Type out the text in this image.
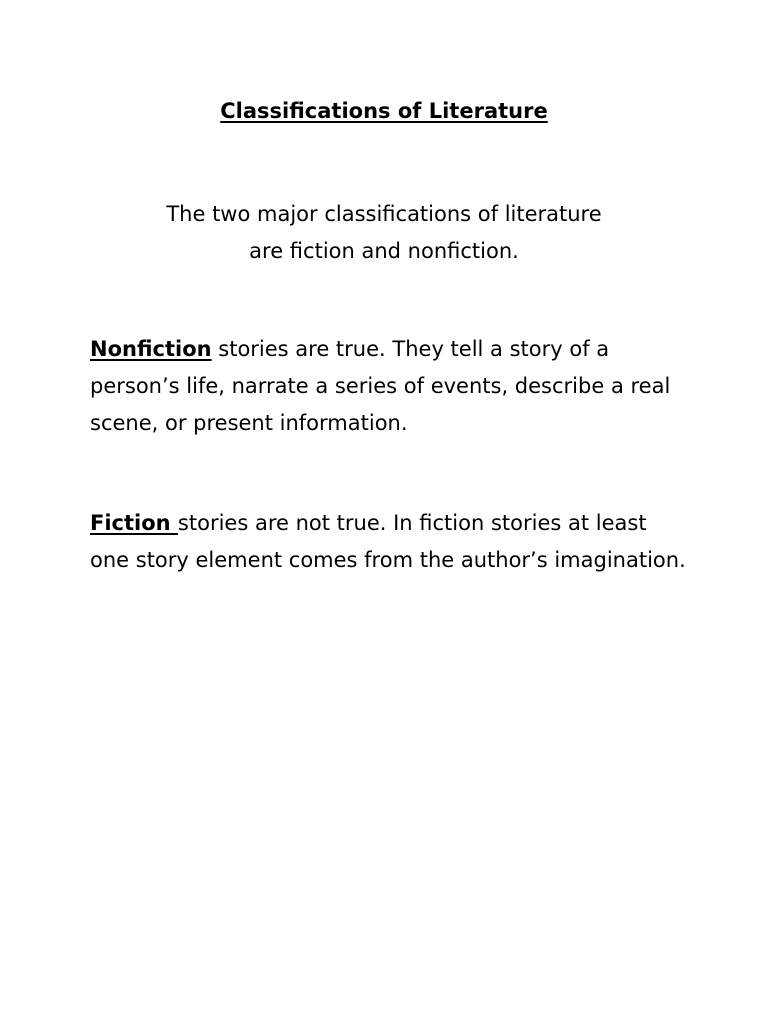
Classifications of Literature

The two major classifications of literature
are fiction and nonfiction.

Nonfiction stories are true. They tell a story of a
person’s life, narrate a series of events, describe a real
scene, or present information.

Fiction stories are not true. In fiction stories at least
one story element comes from the author’s imagination.
